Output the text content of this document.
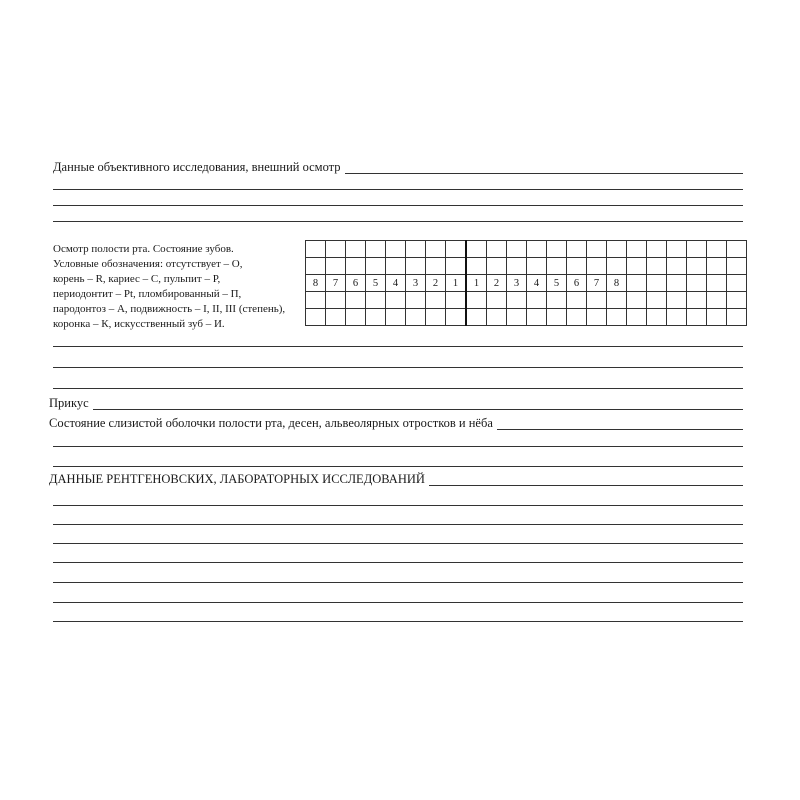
Данные объективного исследования, внешний осмотр
Осмотр полости рта. Состояние зубов.
Условные обозначения: отсутствует – О,
корень – R, кариес – С, пульпит – Р,
периодонтит – Pt, пломбированный – П,
пародонтоз – А, подвижность – I, II, III (степень),
коронка – К, искусственный зуб – И.

8	7	6	5	4	3	2	1	1	2	3	4	5	6	7	8						

Прикус
Состояние слизистой оболочки полости рта, десен, альвеолярных отростков и нёба
ДАННЫЕ РЕНТГЕНОВСКИХ, ЛАБОРАТОРНЫХ ИССЛЕДОВАНИЙ
